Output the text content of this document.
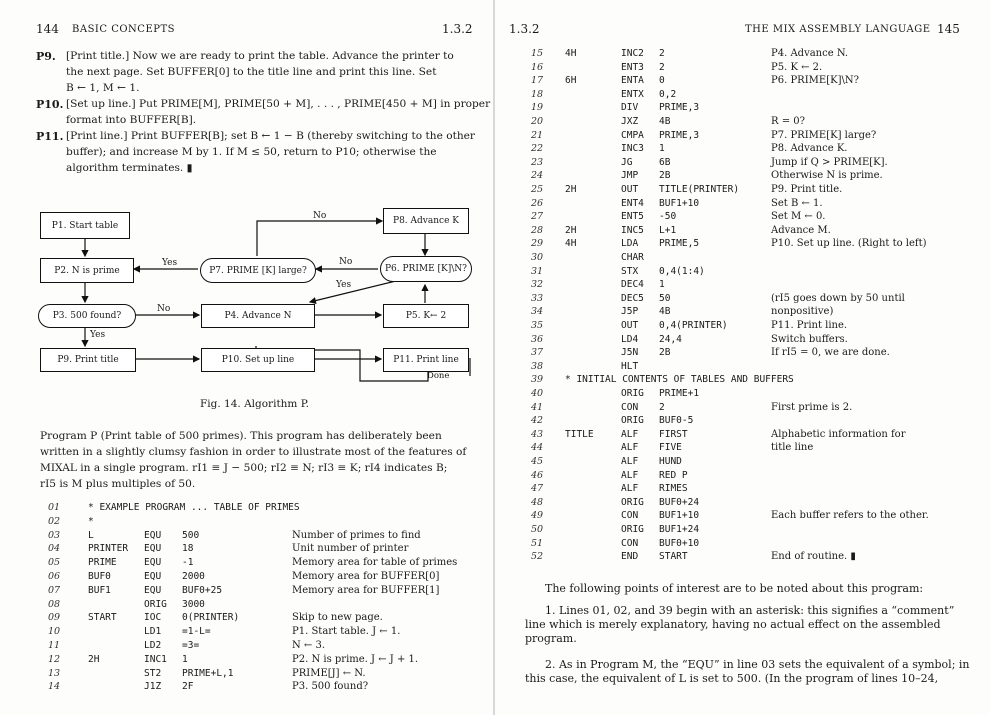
144 BASIC CONCEPTS	1.3.2
P9. [Print title.] Now we are ready to print the table. Advance the printer to
the next page. Set BUFFER[0] to the title line and print this line. Set
B ← 1, M ← 1.
P10. [Set up line.] Put PRIME[M], PRIME[50 + M], . . . , PRIME[450 + M] in proper
format into BUFFER[B].
P11. [Print line.] Print BUFFER[B]; set B ← 1 − B (thereby switching to the other
buffer); and increase M by 1. If M ≤ 50, return to P10; otherwise the
algorithm terminates. ▮
P1. Start table
P2. N is prime	P7. PRIME [K] large?
P8. Advance K
P6. PRIME [K]\N?
P3. 500 found?	P4. Advance N	P5. K← 2
P9. Print title	P10. Set up line	P11. Print line
Yes
No
No
Yes
No
Yes
Done
Fig. 14. Algorithm P.
Program P (Print table of 500 primes). This program has deliberately been
written in a slightly clumsy fashion in order to illustrate most of the features of
MIXAL in a single program. rI1 ≡ J − 500; rI2 ≡ N; rI3 ≡ K; rI4 indicates B;
rI5 is M plus multiples of 50.
01	* EXAMPLE PROGRAM ... TABLE OF PRIMES
02	*
03	L	EQU 500	Number of primes to find
04	PRINTER EQU 18	Unit number of printer
05	PRIME	EQU -1	Memory area for table of primes
06	BUF0	EQU 2000	Memory area for BUFFER[0]
07	BUF1	EQU BUF0+25	Memory area for BUFFER[1]
08	ORIG 3000
09	START	IOC 0(PRINTER)	Skip to new page.
10	LD1 =1-L=	P1. Start table. J ← 1.
11	LD2 =3=	N ← 3.
12	2H	INC1 1	P2. N is prime. J ← J + 1.
13	ST2 PRIME+L,1	PRIME[J] ← N.
14	J1Z 2F	P3. 500 found?
1.3.2	THE MIX ASSEMBLY LANGUAGE 145
15 4H	INC2 2	P4. Advance N.
16	ENT3 2	P5. K ← 2.
17 6H	ENTA 0	P6. PRIME[K]\N?
18	ENTX 0,2
19	DIV PRIME,3
20	JXZ 4B	R = 0?
21	CMPA PRIME,3	P7. PRIME[K] large?
22	INC3 1	P8. Advance K.
23	JG	6B	Jump if Q > PRIME[K].
24	JMP 2B	Otherwise N is prime.
25 2H	OUT TITLE(PRINTER)	P9. Print title.
26	ENT4 BUF1+10	Set B ← 1.
27	ENT5 -50	Set M ← 0.
28 2H	INC5 L+1	Advance M.
29 4H	LDA PRIME,5	P10. Set up line. (Right to left)
30	CHAR
31	STX 0,4(1:4)
32	DEC4 1
33	DEC5 50	(rI5 goes down by 50 until
34	J5P 4B	nonpositive)
35	OUT 0,4(PRINTER)	P11. Print line.
36	LD4 24,4	Switch buffers.
37	J5N 2B	If rI5 = 0, we are done.
38	HLT
39 * INITIAL CONTENTS OF TABLES AND BUFFERS
40	ORIG PRIME+1
41	CON 2	First prime is 2.
42	ORIG BUF0-5
43 TITLE	ALF FIRST	Alphabetic information for
44	ALF FIVE	title line
45	ALF HUND
46	ALF RED P
47	ALF RIMES
48	ORIG BUF0+24
49	CON BUF1+10	Each buffer refers to the other.
50	ORIG BUF1+24
51	CON BUF0+10
52	END START	End of routine. ▮
The following points of interest are to be noted about this program:
1. Lines 01, 02, and 39 begin with an asterisk: this signifies a “comment”
line which is merely explanatory, having no actual effect on the assembled
program.
2. As in Program M, the “EQU” in line 03 sets the equivalent of a symbol; in
this case, the equivalent of L is set to 500. (In the program of lines 10–24,
